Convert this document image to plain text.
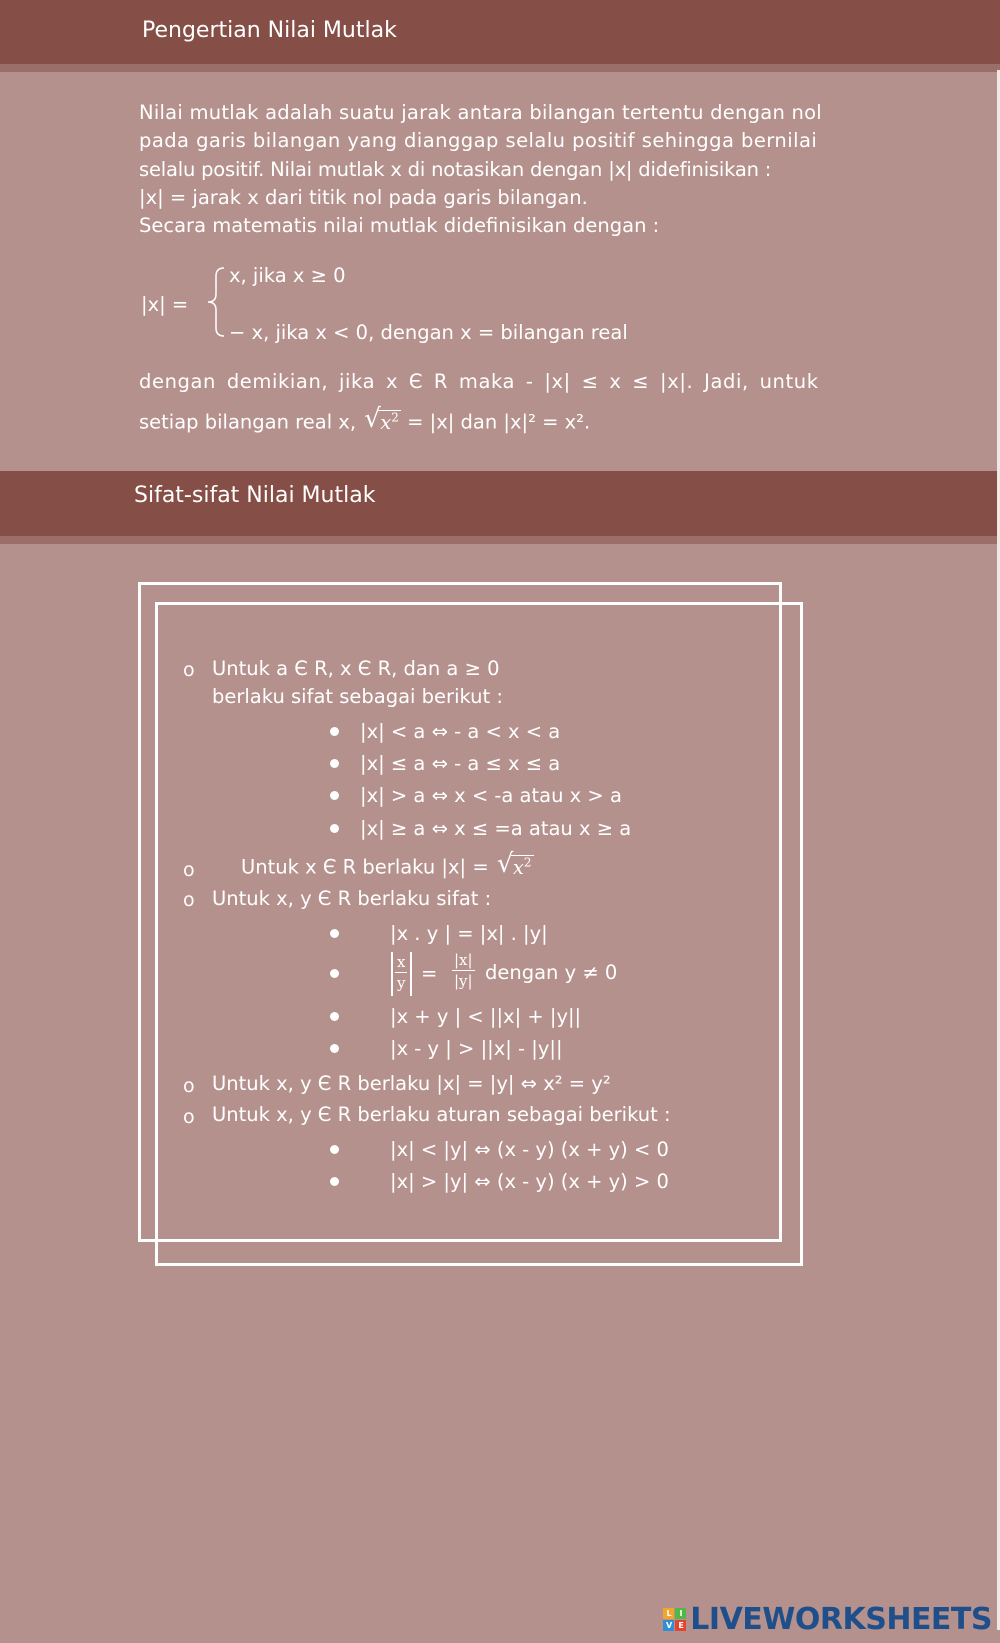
Pengertian Nilai Mutlak
Nilai mutlak adalah suatu jarak antara bilangan tertentu dengan nol
pada garis bilangan yang dianggap selalu positif sehingga bernilai
selalu positif. Nilai mutlak x di notasikan dengan |x| didefinisikan :
|x| = jarak x dari titik nol pada garis bilangan.
Secara matematis nilai mutlak didefinisikan dengan :
|x| =
x, jika x ≥ 0
− x, jika x < 0, dengan x = bilangan real
dengan demikian, jika x Є R maka - |x| ≤ x ≤ |x|. Jadi, untuk
setiap bilangan real x, √ $x^2 = |x|$ dan |x|² = x².
Sifat-sifat Nilai Mutlak
o Untuk a Є R, x Є R, dan a ≥ 0
berlaku sifat sebagai berikut :
|x| < a ⇔ - a < x < a
|x| ≤ a ⇔ - a ≤ x ≤ a
|x| > a ⇔ x < -a atau x > a
|x| ≥ a ⇔ x ≤ =a atau x ≥ a
o Untuk x Є R berlaku |x| = √ $x^2$
o Untuk x, y Є R berlaku sifat :
|x . y | = |x| . |y|
$\frac{x}{y} = \frac{|x|}{|y|}$ dengan y ≠ 0
|x + y | < ||x| + |y||
|x - y | > ||x| - |y||
o Untuk x, y Є R berlaku |x| = |y| ⇔ x² = y²
o Untuk x, y Є R berlaku aturan sebagai berikut :
|x| < |y| ⇔ (x - y) (x + y) < 0
|x| > |y| ⇔ (x - y) (x + y) > 0
L	I
V E LIVEWORKSHEETS
